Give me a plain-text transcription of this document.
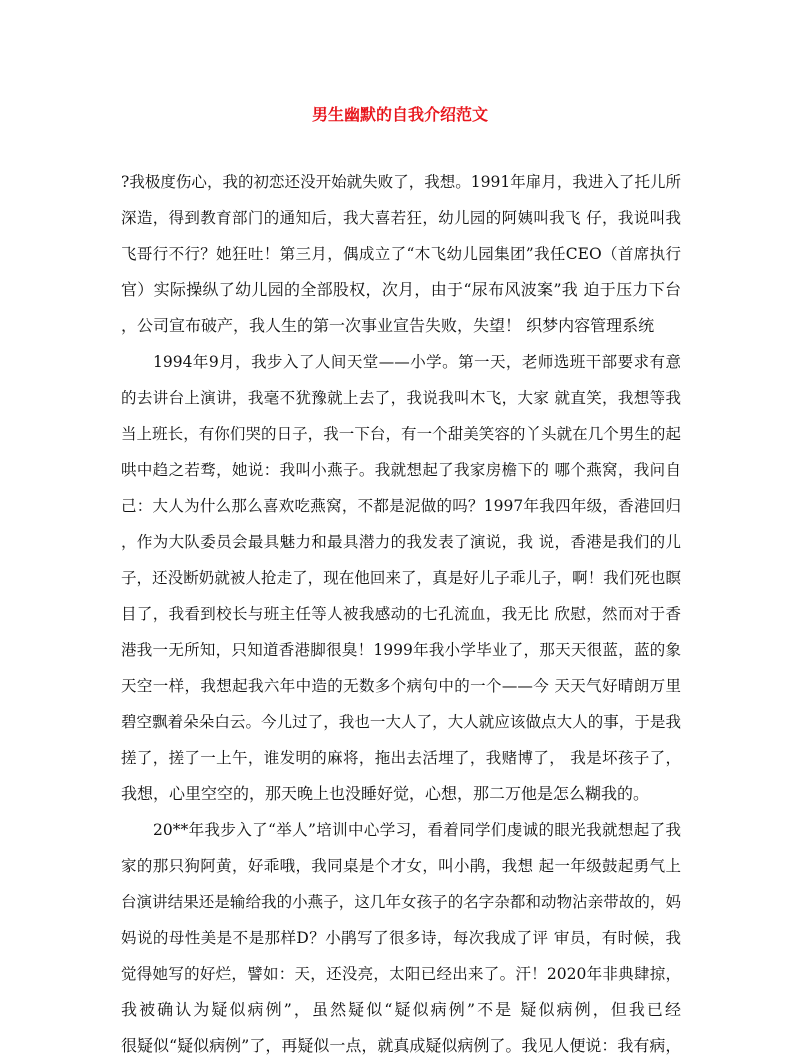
男生幽默的自我介绍范文
?我极度伤心，我的初恋还没开始就失败了，我想。1991年扉月，我进入了托儿所
深造，得到教育部门的通知后，我大喜若狂，幼儿园的阿姨叫我飞 仔，我说叫我
飞哥行不行？她狂吐！第三月，偶成立了“木飞幼儿园集团”我任CEO（首席执行
官）实际操纵了幼儿园的全部股权，次月，由于“尿布风波案”我 迫于压力下台
，公司宣布破产，我人生的第一次事业宣告失败，失望！ 织梦内容管理系统
1994年9月，我步入了人间天堂——小学。第一天，老师选班干部要求有意
的去讲台上演讲，我毫不犹豫就上去了，我说我叫木飞，大家 就直笑，我想等我
当上班长，有你们哭的日子，我一下台，有一个甜美笑容的丫头就在几个男生的起
哄中趋之若骛，她说：我叫小燕子。我就想起了我家房檐下的 哪个燕窝，我问自
己：大人为什么那么喜欢吃燕窝，不都是泥做的吗？1997年我四年级，香港回归
，作为大队委员会最具魅力和最具潜力的我发表了演说，我 说，香港是我们的儿
子，还没断奶就被人抢走了，现在他回来了，真是好儿子乖儿子，啊！我们死也瞑
目了，我看到校长与班主任等人被我感动的七孔流血，我无比 欣慰，然而对于香
港我一无所知，只知道香港脚很臭！1999年我小学毕业了，那天天很蓝，蓝的象
天空一样，我想起我六年中造的无数多个病句中的一个——今 天天气好晴朗万里
碧空飘着朵朵白云。今儿过了，我也一大人了，大人就应该做点大人的事，于是我
搓了，搓了一上午，谁发明的麻将，拖出去活埋了，我赌博了， 我是坏孩子了，
我想，心里空空的，那天晚上也没睡好觉，心想，那二万他是怎么糊我的。
20**年我步入了“举人”培训中心学习，看着同学们虔诚的眼光我就想起了我
家的那只狗阿黄，好乖哦，我同桌是个才女，叫小鹃，我想 起一年级鼓起勇气上
台演讲结果还是输给我的小燕子，这几年女孩子的名字杂都和动物沾亲带故的，妈
妈说的母性美是不是那样D？小鹃写了很多诗，每次我成了评 审员，有时候，我
觉得她写的好烂，譬如：天，还没亮，太阳已经出来了。汗！2020年非典肆掠，
我被确认为疑似病例”，虽然疑似“疑似病例”不是 疑似病例，但我已经
很疑似“疑似病例”了，再疑似一点，就真成疑似病例了。我见人便说：我有病，
